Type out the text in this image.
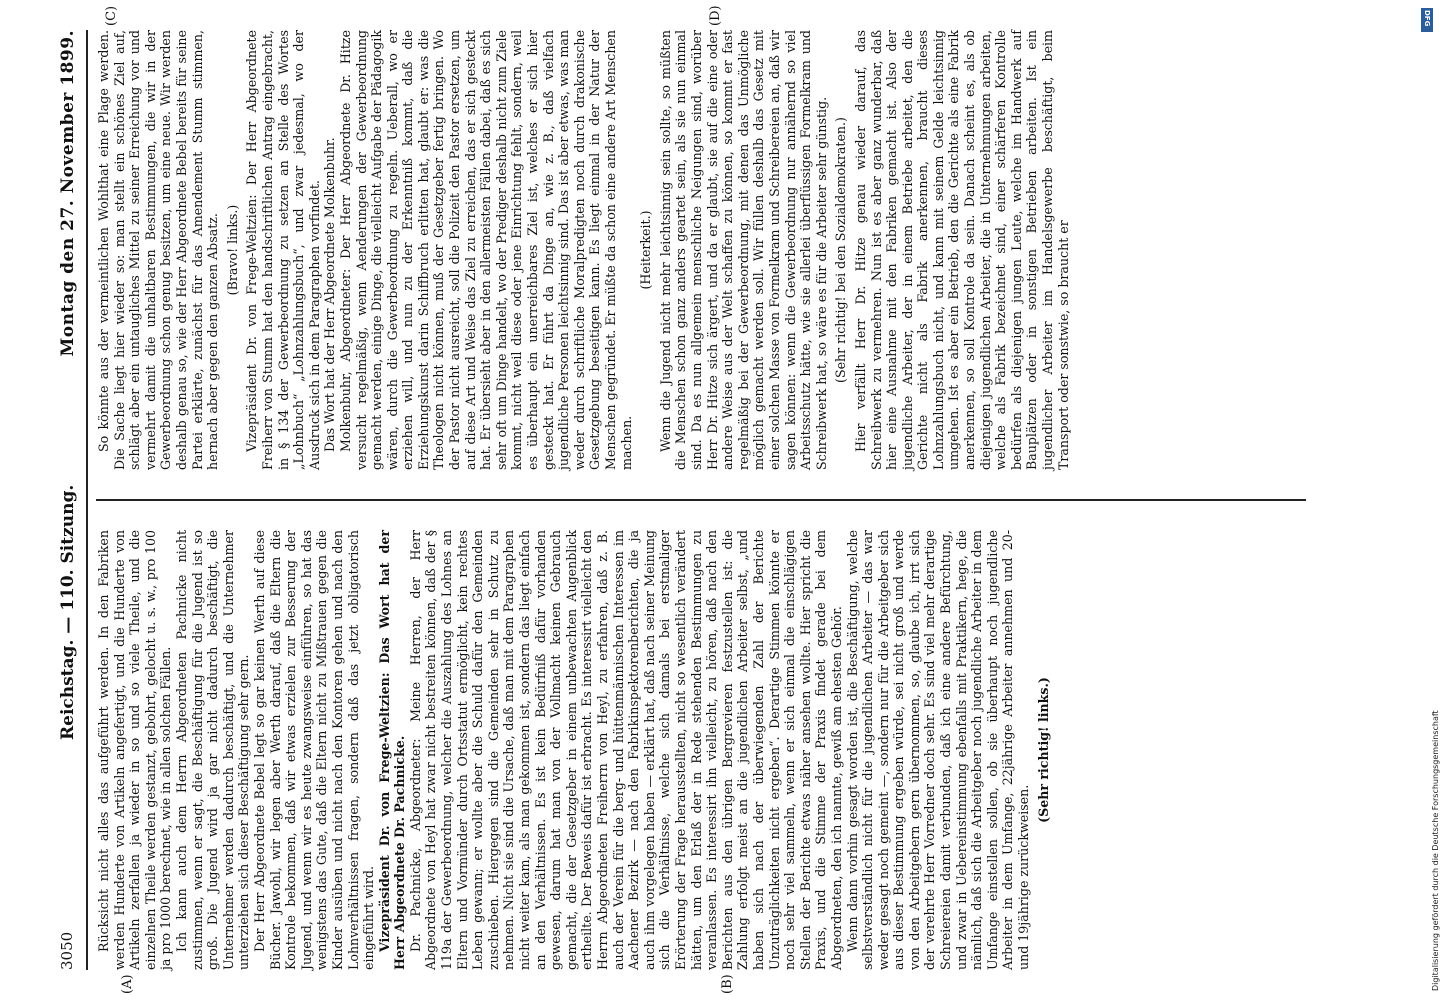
3050
Reichstag. — 110. Sitzung.
Montag den 27. November 1899.
(A)	(B)
(C)	(D)

Rücksicht nicht alles das aufgeführt werden. In den Fabriken werden Hunderte von Artikeln angefertigt, und die Hunderte von Artikeln zerfallen ja wieder in so und so viele Theile, und die einzelnen Theile werden gestanzt, gebohrt, gelocht u. s. w., pro 100 ja pro 1000 berechnet, wie in allen solchen Fällen. Ich kann auch dem Herrn Abgeordneten Pachnicke nicht zustimmen, wenn er sagt, die Beschäftigung für die Jugend ist so groß. Die Jugend wird ja gar nicht dadurch beschäftigt, die Unternehmer werden dadurch beschäftigt, und die Unternehmer unterziehen sich dieser Beschäftigung sehr gern. Der Herr Abgeordnete Bebel legt so gar keinen Werth auf diese Bücher. Jawohl, wir legen aber Werth darauf, daß die Eltern die Kontrole bekommen, daß wir etwas erzielen zur Besserung der Jugend, und wenn wir es heute zwangsweise einführen, so hat das wenigstens das Gute, daß die Eltern nicht zu Mißtrauen gegen die Kinder ausüben und nicht nach den Kontoren gehen und nach den Lohnverhältnissen fragen, sondern daß das jetzt obligatorisch eingeführt wird. Vizepräsident Dr. von Frege-Weltzien: Das Wort hat der Herr Abgeordnete Dr. Pachnicke. Dr. Pachnicke, Abgeordneter: Meine Herren, der Herr Abgeordnete von Heyl hat zwar nicht bestreiten können, daß der § 119a der Gewerbeordnung, welcher die Auszahlung des Lohnes an Eltern und Vormünder durch Ortsstatut ermöglicht, kein rechtes Leben gewann; er wollte aber die Schuld dafür den Gemeinden zuschieben. Hiergegen sind die Gemeinden sehr in Schutz zu nehmen. Nicht sie sind die Ursache, daß man mit dem Paragraphen nicht weiter kam, als man gekommen ist, sondern das liegt einfach an den Verhältnissen. Es ist kein Bedürfniß dafür vorhanden gewesen, darum hat man von der Vollmacht keinen Gebrauch gemacht, die der Gesetzgeber in einem unbewachten Augenblick ertheilte. Der Beweis dafür ist erbracht. Es interessirt vielleicht den Herrn Abgeordneten Freiherrn von Heyl, zu erfahren, daß z. B. auch der Verein für die berg- und hüttenmännischen Interessen im Aachener Bezirk — nach den Fabrikinspektorenberichten, die ja auch ihm vorgelegen haben — erklärt hat, daß nach seiner Meinung sich die Verhältnisse, welche sich damals bei erstmaliger Erörterung der Frage herausstellten, nicht so wesentlich verändert hätten, um den Erlaß der in Rede stehenden Bestimmungen zu veranlassen. Es interessirt ihn vielleicht, zu hören, daß nach den Berichten aus den übrigen Bergrevieren festzustellen ist: die Zahlung erfolgt meist an die jugendlichen Arbeiter selbst, „und haben sich nach der überwiegenden Zahl der Berichte Unzuträglichkeiten nicht ergeben“. Derartige Stimmen könnte er noch sehr viel sammeln, wenn er sich einmal die einschlägigen Stellen der Berichte etwas näher ansehen wollte. Hier spricht die Praxis, und die Stimme der Praxis findet gerade bei dem Abgeordneten, den ich nannte, gewiß am ehesten Gehör. Wenn dann vorhin gesagt worden ist, die Beschäftigung, welche selbstverständlich nicht für die jugendlichen Arbeiter — das war weder gesagt noch gemeint —, sondern nur für die Arbeitgeber sich aus dieser Bestimmung ergeben würde, sei nicht groß und werde von den Arbeitgebern gern übernommen, so, glaube ich, irrt sich der verehrte Herr Vorredner doch sehr. Es sind viel mehr derartige Schreiereien damit verbunden, daß ich eine andere Befürchtung, und zwar in Uebereinstimmung ebenfalls mit Praktikern, hege, die nämlich, daß sich die Arbeitgeber noch jugendliche Arbeiter in dem Umfange einstellen sollen, ob sie überhaupt noch jugendliche Arbeiter in dem Umfange, 22jährige Arbeiter annehmen und 20- und 19jährige zurückweisen.

(Sehr richtig! links.)

So könnte aus der vermeintlichen Wohlthat eine Plage werden. Die Sache liegt hier wieder so: man stellt ein schönes Ziel auf, schlägt aber ein untaugliches Mittel zu seiner Erreichung vor und vermehrt damit die unhaltbaren Bestimmungen, die wir in der Gewerbeordnung schon genug besitzen, um eine neue. Wir werden deshalb genau so, wie der Herr Abgeordnete Bebel bereits für seine Partei erklärte, zunächst für das Amendement Stumm stimmen, hernach aber gegen den ganzen Absatz. (Bravo! links.) Vizepräsident Dr. von Frege-Weltzien: Der Herr Abgeordnete Freiherr von Stumm hat den handschriftlichen Antrag eingebracht, in § 134 der Gewerbeordnung zu setzen an Stelle des Wortes „Lohnbuch“ „Lohnzahlungsbuch“, und zwar jedesmal, wo der Ausdruck sich in dem Paragraphen vorfindet. Das Wort hat der Herr Abgeordnete Molkenbuhr. Molkenbuhr, Abgeordneter: Der Herr Abgeordnete Dr. Hitze versucht regelmäßig, wenn Aenderungen der Gewerbeordnung gemacht werden, einige Dinge, die vielleicht Aufgabe der Pädagogik wären, durch die Gewerbeordnung zu regeln. Ueberall, wo er erziehen will, und nun zu der Erkenntniß kommt, daß die Erziehungskunst darin Schiffbruch erlitten hat, glaubt er: was die Theologen nicht können, muß der Gesetzgeber fertig bringen. Wo der Pastor nicht ausreicht, soll die Polizeit den Pastor ersetzen, um auf diese Art und Weise das Ziel zu erreichen, das er sich gesteckt hat. Er übersieht aber in den allermeisten Fällen dabei, daß es sich sehr oft um Dinge handelt, wo der Prediger deshalb nicht zum Ziele kommt, nicht weil diese oder jene Einrichtung fehlt, sondern, weil es überhaupt ein unerreichbares Ziel ist, welches er sich hier gesteckt hat. Er führt da Dinge an, wie z. B., daß vielfach jugendliche Personen leichtsinnig sind. Das ist aber etwas, was man weder durch schriftliche Moralpredigten noch durch drakonische Gesetzgebung beseitigen kann. Es liegt einmal in der Natur der Menschen gegründet. Er müßte da schon eine andere Art Menschen machen.

(Heiterkeit.) Wenn die Jugend nicht mehr leichtsinnig sein sollte, so müßten die Menschen schon ganz anders geartet sein, als sie nun einmal sind. Da es nun allgemein menschliche Neigungen sind, worüber Herr Dr. Hitze sich ärgert, und da er glaubt, sie auf die eine oder andere Weise aus der Welt schaffen zu können, so kommt er fast regelmäßig bei der Gewerbeordnung, mit denen das Unmögliche möglich gemacht werden soll. Wir füllen deshalb das Gesetz mit einer solchen Masse von Formelkram und Schreibereien an, daß wir sagen können: wenn die Gewerbeordnung nur annähernd so viel Arbeitsschutz hätte, wie sie allerlei überflüssigen Formelkram und Schreibwerk hat, so wäre es für die Arbeiter sehr günstig. (Sehr richtig! bei den Sozialdemokraten.) Hier verfällt Herr Dr. Hitze genau wieder darauf, das Schreibwerk zu vermehren. Nun ist es aber ganz wunderbar, daß hier eine Ausnahme mit den Fabriken gemacht ist. Also der jugendliche Arbeiter, der in einem Betriebe arbeitet, den die Gerichte nicht als Fabrik anerkennen, braucht dieses Lohnzahlungsbuch nicht, und kann mit seinem Gelde leichtsinnig umgehen. Ist es aber ein Betrieb, den die Gerichte als eine Fabrik anerkennen, so soll Kontrole da sein. Danach scheint es, als ob diejenigen jugendlichen Arbeiter, die in Unternehmungen arbeiten, welche als Fabrik bezeichnet sind, einer schärferen Kontrolle bedürfen als diejenigen jungen Leute, welche im Handwerk auf Bauplätzen oder in sonstigen Betrieben arbeiten. Ist ein jugendlicher Arbeiter im Handelsgewerbe beschäftigt, beim Transport oder sonstwie, so braucht er

DFG
Digitalisierung gefördert durch die Deutsche Forschungsgemeinschaft
